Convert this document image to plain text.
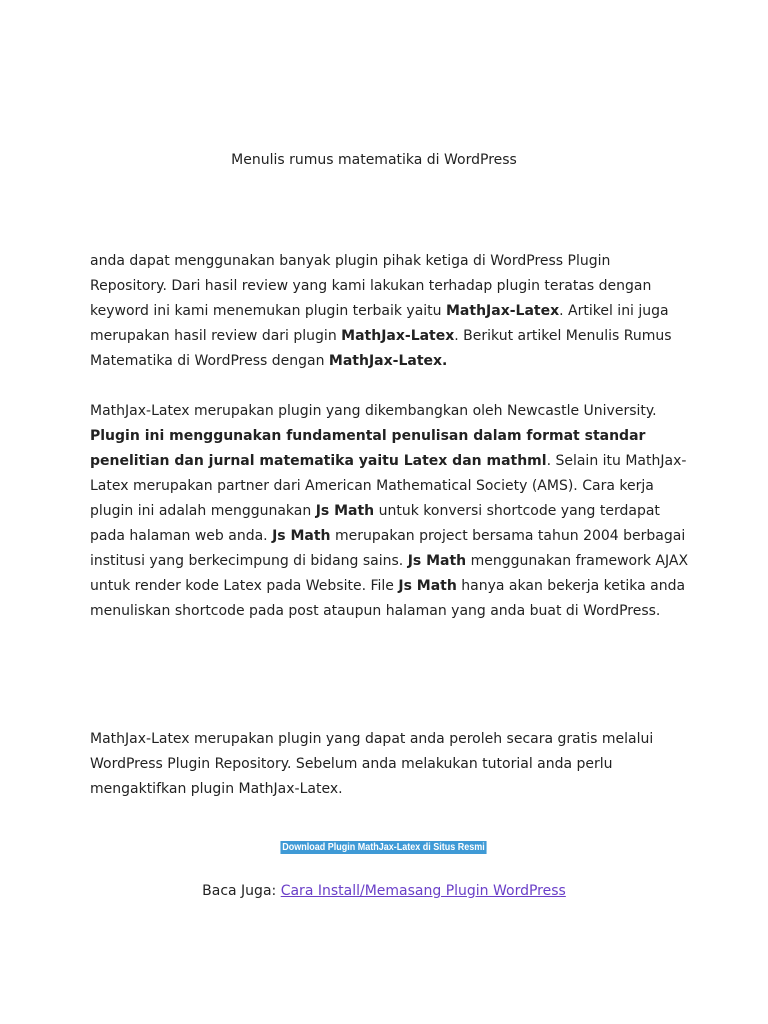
Menulis rumus matematika di WordPress
anda dapat menggunakan banyak plugin pihak ketiga di WordPress Plugin Repository. Dari hasil review yang kami lakukan terhadap plugin teratas dengan keyword ini kami menemukan plugin terbaik yaitu MathJax-Latex. Artikel ini juga merupakan hasil review dari plugin MathJax-Latex. Berikut artikel Menulis Rumus Matematika di WordPress dengan MathJax-Latex.
MathJax-Latex merupakan plugin yang dikembangkan oleh Newcastle University. Plugin ini menggunakan fundamental penulisan dalam format standar penelitian dan jurnal matematika yaitu Latex dan mathml. Selain itu MathJax-Latex merupakan partner dari American Mathematical Society (AMS). Cara kerja plugin ini adalah menggunakan Js Math untuk konversi shortcode yang terdapat pada halaman web anda. Js Math merupakan project bersama tahun 2004 berbagai institusi yang berkecimpung di bidang sains. Js Math menggunakan framework AJAX untuk render kode Latex pada Website. File Js Math hanya akan bekerja ketika anda menuliskan shortcode pada post ataupun halaman yang anda buat di WordPress.
MathJax-Latex merupakan plugin yang dapat anda peroleh secara gratis melalui WordPress Plugin Repository. Sebelum anda melakukan tutorial anda perlu mengaktifkan plugin MathJax-Latex.
Download Plugin MathJax-Latex di Situs Resmi
Baca Juga: Cara Install/Memasang Plugin WordPress
